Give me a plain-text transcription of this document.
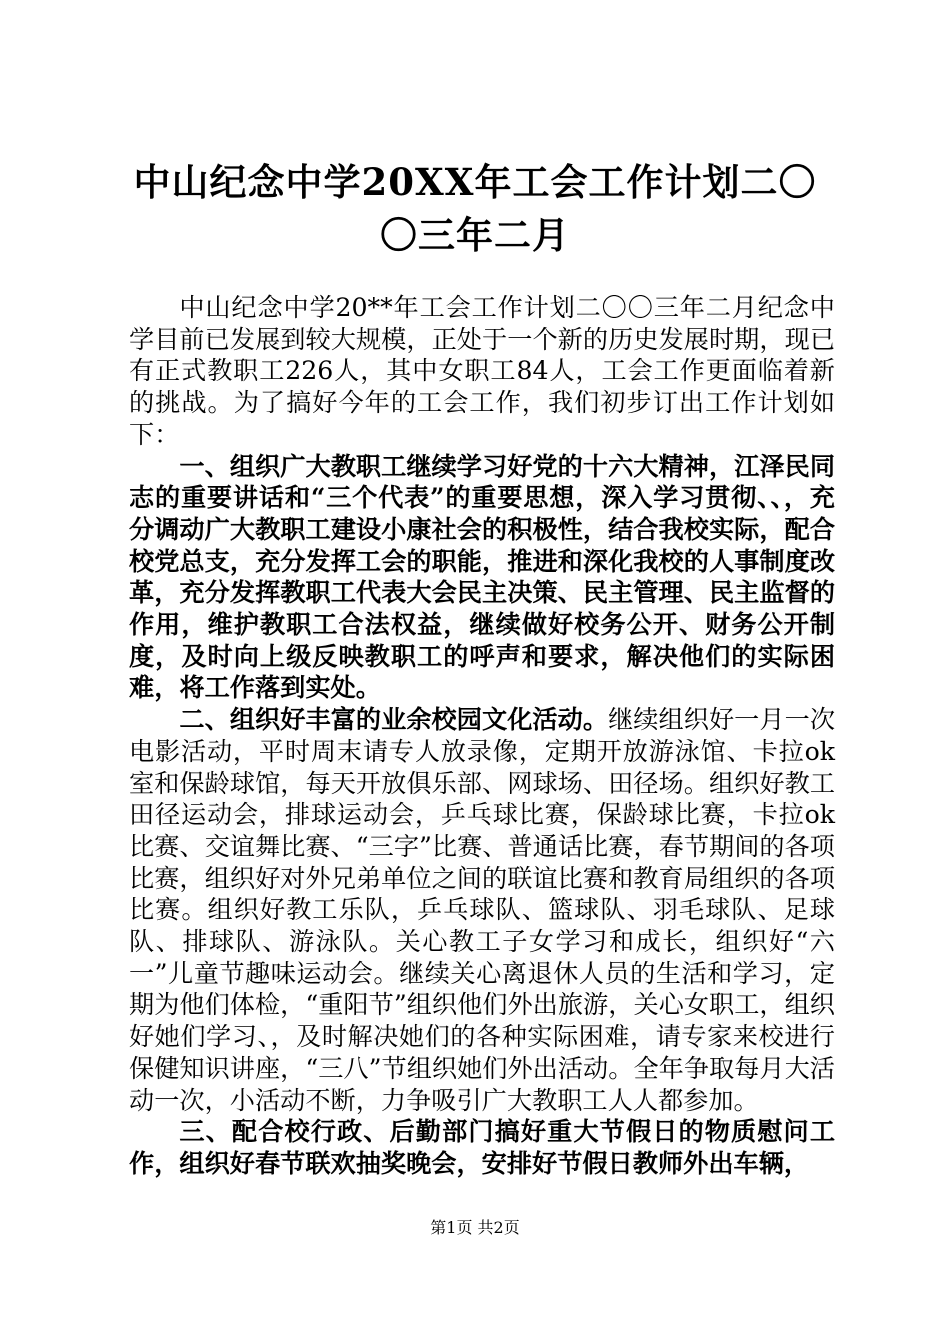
中山纪念中学20XX年工会工作计划二〇〇三年二月

中山纪念中学20**年工会工作计划二〇〇三年二月纪念中学目前已发展到较大规模，正处于一个新的历史发展时期，现已有正式教职工226人，其中女职工84人，工会工作更面临着新的挑战。为了搞好今年的工会工作，我们初步订出工作计划如下：

一、组织广大教职工继续学习好党的十六大精神，江泽民同志的重要讲话和“三个代表”的重要思想，深入学习贯彻、、，充分调动广大教职工建设小康社会的积极性，结合我校实际，配合校党总支，充分发挥工会的职能，推进和深化我校的人事制度改革，充分发挥教职工代表大会民主决策、民主管理、民主监督的作用，维护教职工合法权益，继续做好校务公开、财务公开制度，及时向上级反映教职工的呼声和要求，解决他们的实际困难，将工作落到实处。

二、组织好丰富的业余校园文化活动。继续组织好一月一次电影活动，平时周末请专人放录像，定期开放游泳馆、卡拉ok室和保龄球馆，每天开放俱乐部、网球场、田径场。组织好教工田径运动会，排球运动会，乒乓球比赛，保龄球比赛，卡拉ok比赛、交谊舞比赛、“三字”比赛、普通话比赛，春节期间的各项比赛，组织好对外兄弟单位之间的联谊比赛和教育局组织的各项比赛。组织好教工乐队，乒乓球队、篮球队、羽毛球队、足球队、排球队、游泳队。关心教工子女学习和成长，组织好“六一”儿童节趣味运动会。继续关心离退休人员的生活和学习，定期为他们体检，“重阳节”组织他们外出旅游，关心女职工，组织好她们学习、，及时解决她们的各种实际困难，请专家来校进行保健知识讲座，“三八”节组织她们外出活动。全年争取每月大活动一次，小活动不断，力争吸引广大教职工人人都参加。

三、配合校行政、后勤部门搞好重大节假日的物质慰问工作，组织好春节联欢抽奖晚会，安排好节假日教师外出车辆，

第1页 共2页
